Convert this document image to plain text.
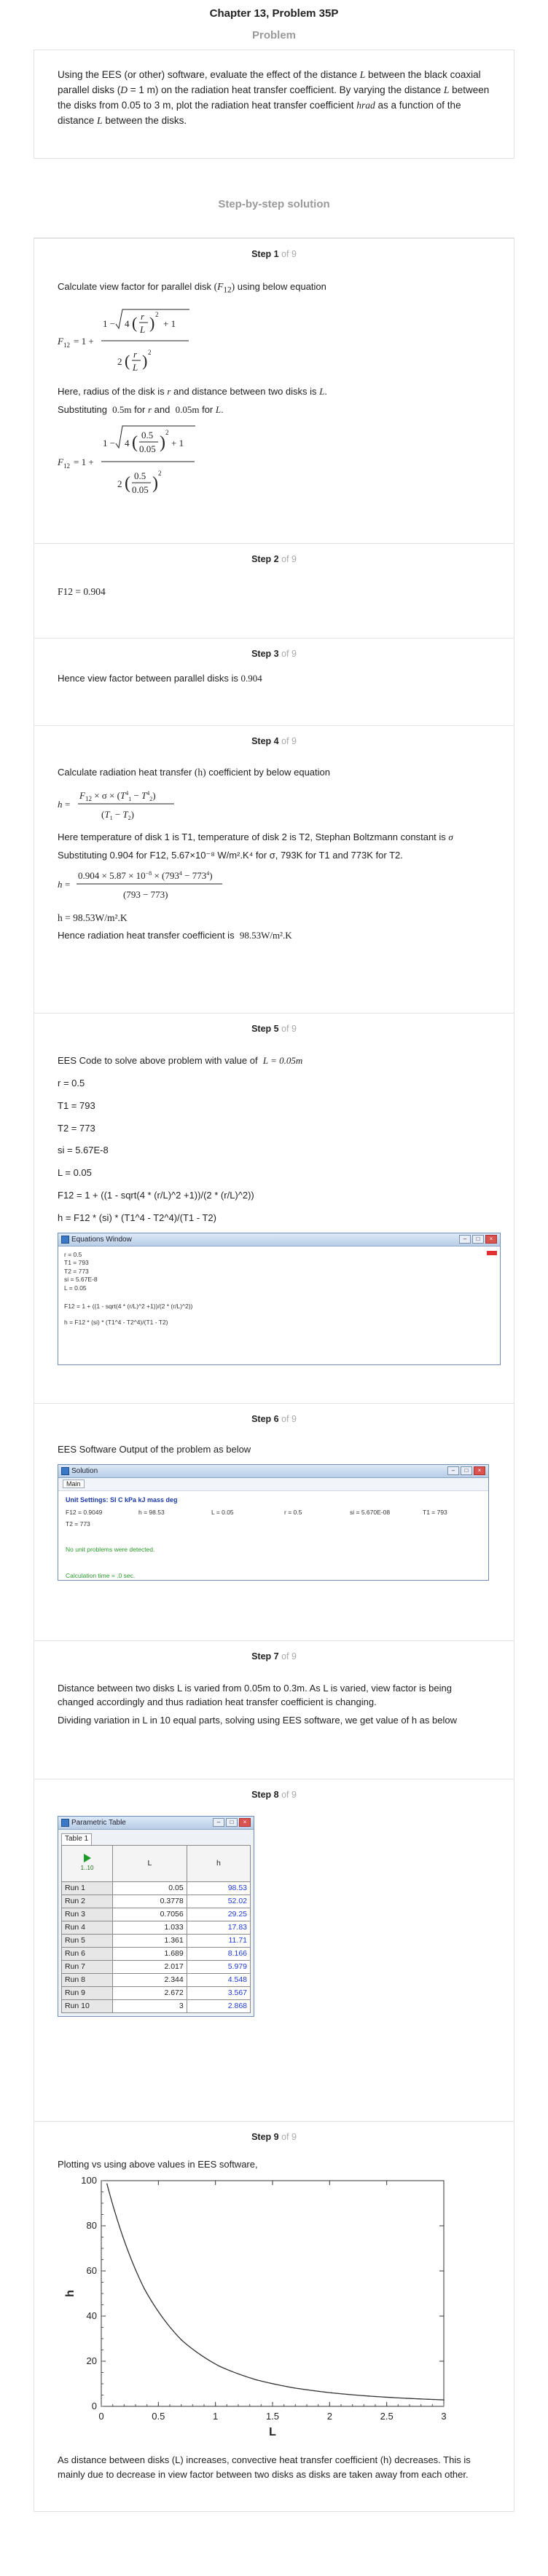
Chapter 13, Problem 35P
Problem
Using the EES (or other) software, evaluate the effect of the distance L between the black coaxial parallel disks (D = 1 m) on the radiation heat transfer coefficient. By varying the distance L between the disks from 0.05 to 3 m, plot the radiation heat transfer coefficient hrad as a function of the distance L between the disks.
Step-by-step solution
Step 1 of 9
Calculate view factor for parallel disk $(F_{12})$ using below equation
F 12 = 1 +
1 − 4 ( r
L ) 2
+ 1
2 ( r
L ) 2
Here, radius of the disk is r and distance between two disks is L.
Substituting 0.5m for r and 0.05m for L.
F 12 = 1 +
1 − 4 ( 0.5
0.05 )
2
+ 1
2 ( 0.5
0.05 )
2
Step 2 of 9
F12 = 0.904
Step 3 of 9
Hence view factor between parallel disks is 0.904
Step 4 of 9
Calculate radiation heat transfer (h) coefficient by below equation
h =
$F_{12} \times \sigma \times (T^4_1 - T^4_2)$
$(T_1 - T_2)$
Here temperature of disk 1 is T1, temperature of disk 2 is T2, Stephan Boltzmann constant is σ
Substituting 0.904 for F12, 5.67×10⁻⁸ W/m².K⁴ for σ, 793K for T1 and 773K for T2.
h =
$0.904 \times 5.87 \times 10^{-8} \times (793^4 - 773^4)$
(793 − 773)
h = 98.53W/m².K
Hence radiation heat transfer coefficient is 98.53W/m².K
Step 5 of 9
EES Code to solve above problem with value of L = 0.05m
r = 0.5
T1 = 793
T2 = 773
si = 5.67E-8
L = 0.05
F12 = 1 + ((1 - sqrt(4 * (r/L)^2 +1))/(2 * (r/L)^2))
h = F12 * (si) * (T1^4 - T2^4)/(T1 - T2)
Equations Window	–	□	×
r = 0.5
T1 = 793
T2 = 773
si = 5.67E-8
L = 0.05
F12 = 1 + ((1 - sqrt(4 * (r/L)^2 +1))/(2 * (r/L)^2))
h = F12 * (si) * (T1^4 - T2^4)/(T1 - T2)
Step 6 of 9
EES Software Output of the problem as below
Solution	–	□	×
Main
Unit Settings: SI C kPa kJ mass deg
F12 = 0.9049	h = 98.53	L = 0.05	r = 0.5	si = 5.670E-08	T1 = 793
T2 = 773
No unit problems were detected.
Calculation time = .0 sec.
Step 7 of 9
Distance between two disks L is varied from 0.05m to 0.3m. As L is varied, view factor is being changed accordingly and thus radiation heat transfer coefficient is changing.
Dividing variation in L in 10 equal parts, solving using EES software, we get value of h as below
Step 8 of 9
Parametric Table	–	□	×
Table 1
1..10	L	h
Run 1	0.05	98.53
Run 2	0.3778	52.02
Run 3	0.7056	29.25
Run 4	1.033	17.83
Run 5	1.361	11.71
Run 6	1.689	8.166
Run 7	2.017	5.979
Run 8	2.344	4.548
Run 9	2.672	3.567
Run 10	3	2.868
Step 9 of 9
Plotting vs using above values in EES software,
0	0.5	1	1.5	2	2.5	3
0
20
40
60
80
100
L
h
As distance between disks (L) increases, convective heat transfer coefficient (h) decreases. This is mainly due to decrease in view factor between two disks as disks are taken away from each other.
